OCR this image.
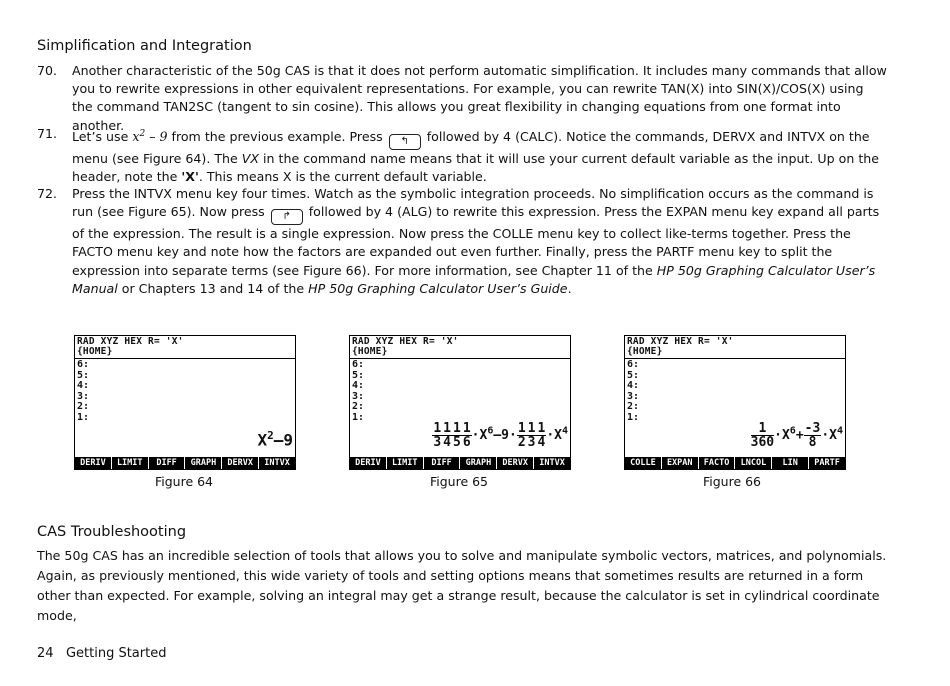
Simplification and Integration
70. Another characteristic of the 50g CAS is that it does not perform automatic simplification. It includes many commands that allow you to rewrite expressions in other equivalent representations. For example, you can rewrite TAN(X) into SIN(X)/COS(X) using the command TAN2SC (tangent to sin cosine). This allows you great flexibility in changing equations from one format into another.
71. Let’s use $x^2 - 9$ from the previous example. Press ↰ followed by 4 (CALC). Notice the commands, DERVX and INTVX on the menu (see Figure 64). The VX in the command name means that it will use your current default variable as the input. Up on the header, note the 'X'. This means X is the current default variable.
72. Press the INTVX menu key four times. Watch as the symbolic integration proceeds. No simplification occurs as the command is run (see Figure 65). Now press ↱ followed by 4 (ALG) to rewrite this expression. Press the EXPAN menu key expand all parts of the expression. The result is a single expression. Now press the COLLE menu key to collect like-terms together. Press the FACTO menu key and note how the factors are expanded out even further. Finally, press the PARTF menu key to split the expression into separate terms (see Figure 66). For more information, see Chapter 11 of the HP 50g Graphing Calculator User’s Manual or Chapters 13 and 14 of the HP 50g Graphing Calculator User’s Guide.
RAD XYZ HEX R= 'X'
{HOME}
6:
5:
4:
3:
2:
1:
$X^2-9$
DERIV	LIMIT	DIFF	GRAPH	DERVX	INTVX
Figure 64
RAD XYZ HEX R= 'X'
{HOME}
6:
5:
4:
3:
2:
1:
$\frac{1}{3} \frac{1}{4} \frac{1}{5} \frac{1}{6} \cdot X^6-9\cdot \frac{1}{2} \frac{1}{3} \frac{1}{4} \cdot X^4$
DERIV	LIMIT	DIFF	GRAPH	DERVX	INTVX
Figure 65
RAD XYZ HEX R= 'X'
{HOME}
6:
5:
4:
3:
2:
1:
$\frac{1}{360} \cdot X^6+ \frac{-3}{8} \cdot X^4$
COLLE	EXPAN	FACTO	LNCOL	LIN	PARTF
Figure 66
CAS Troubleshooting
The 50g CAS has an incredible selection of tools that allows you to solve and manipulate symbolic vectors, matrices, and polynomials. Again, as previously mentioned, this wide variety of tools and setting options means that sometimes results are returned in a form other than expected. For example, solving an integral may get a strange result, because the calculator is set in cylindrical coordinate mode,
24 Getting Started
